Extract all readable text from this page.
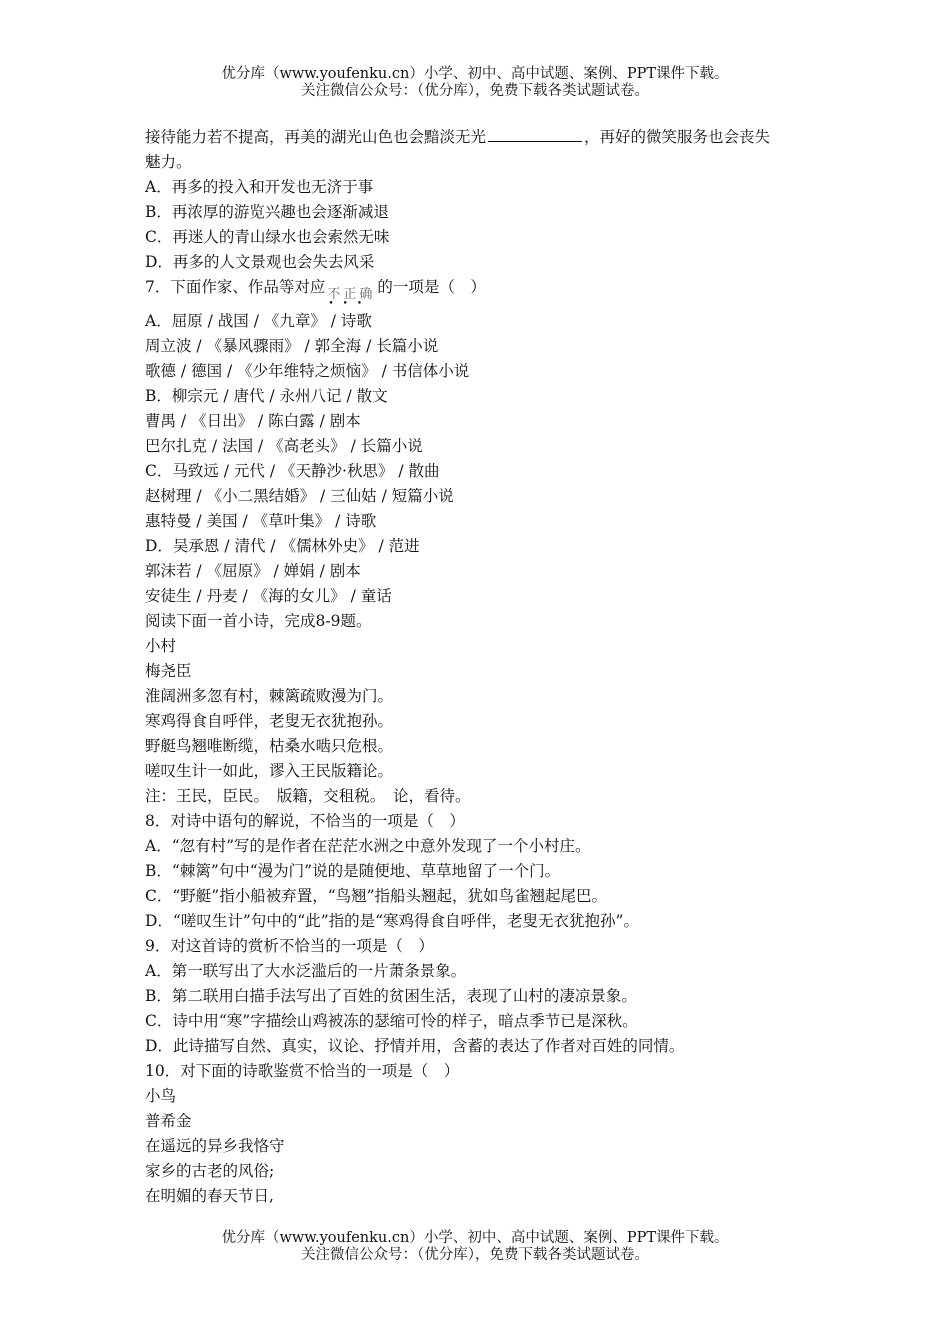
优分库（www.youfenku.cn）小学、初中、高中试题、案例、PPT课件下载。
关注微信公众号：（优分库），免费下载各类试题试卷。
接待能力若不提高，再美的湖光山色也会黯淡无光	，再好的微笑服务也会丧失
魅力。
A．再多的投入和开发也无济于事
B．再浓厚的游览兴趣也会逐渐减退
C．再迷人的青山绿水也会索然无味
D．再多的人文景观也会失去风采
7．下面作家、作品等对应 不正确 • • • 的一项是（　）
A．屈原 / 战国 / 《九章》 / 诗歌
周立波 / 《暴风骤雨》 / 郭全海 / 长篇小说
歌德 / 德国 / 《少年维特之烦恼》 / 书信体小说
B．柳宗元 / 唐代 / 永州八记 / 散文
曹禺 / 《日出》 / 陈白露 / 剧本
巴尔扎克 / 法国 / 《高老头》 / 长篇小说
C．马致远 / 元代 / 《天静沙·秋思》 / 散曲
赵树理 / 《小二黑结婚》 / 三仙姑 / 短篇小说
惠特曼 / 美国 / 《草叶集》 / 诗歌
D．吴承恩 / 清代 / 《儒林外史》 / 范进
郭沫若 / 《屈原》 / 婵娟 / 剧本
安徒生 / 丹麦 / 《海的女儿》 / 童话
阅读下面一首小诗，完成8-9题。
小村
梅尧臣
淮阔洲多忽有村，棘篱疏败漫为门。
寒鸡得食自呼伴，老叟无衣犹抱孙。
野艇鸟翘唯断缆，枯桑水啮只危根。
嗟叹生计一如此，谬入王民版籍论。
注：王民，臣民。　版籍，交租税。　论，看待。
8．对诗中语句的解说，不恰当的一项是（　）
A．“忽有村”写的是作者在茫茫水洲之中意外发现了一个小村庄。
B．“棘篱”句中“漫为门”说的是随便地、草草地留了一个门。
C．“野艇”指小船被弃置，“鸟翘”指船头翘起，犹如鸟雀翘起尾巴。
D．“嗟叹生计”句中的“此”指的是“寒鸡得食自呼伴，老叟无衣犹抱孙”。
9．对这首诗的赏析不恰当的一项是（　）
A．第一联写出了大水泛滥后的一片萧条景象。
B．第二联用白描手法写出了百姓的贫困生活，表现了山村的凄凉景象。
C．诗中用“寒”字描绘山鸡被冻的瑟缩可怜的样子，暗点季节已是深秋。
D．此诗描写自然、真实，议论、抒情并用，含蓄的表达了作者对百姓的同情。
10．对下面的诗歌鉴赏不恰当的一项是（　）
小鸟
普希金
在遥远的异乡我恪守
家乡的古老的风俗;
在明媚的春天节日,
优分库（www.youfenku.cn）小学、初中、高中试题、案例、PPT课件下载。
关注微信公众号：（优分库），免费下载各类试题试卷。
